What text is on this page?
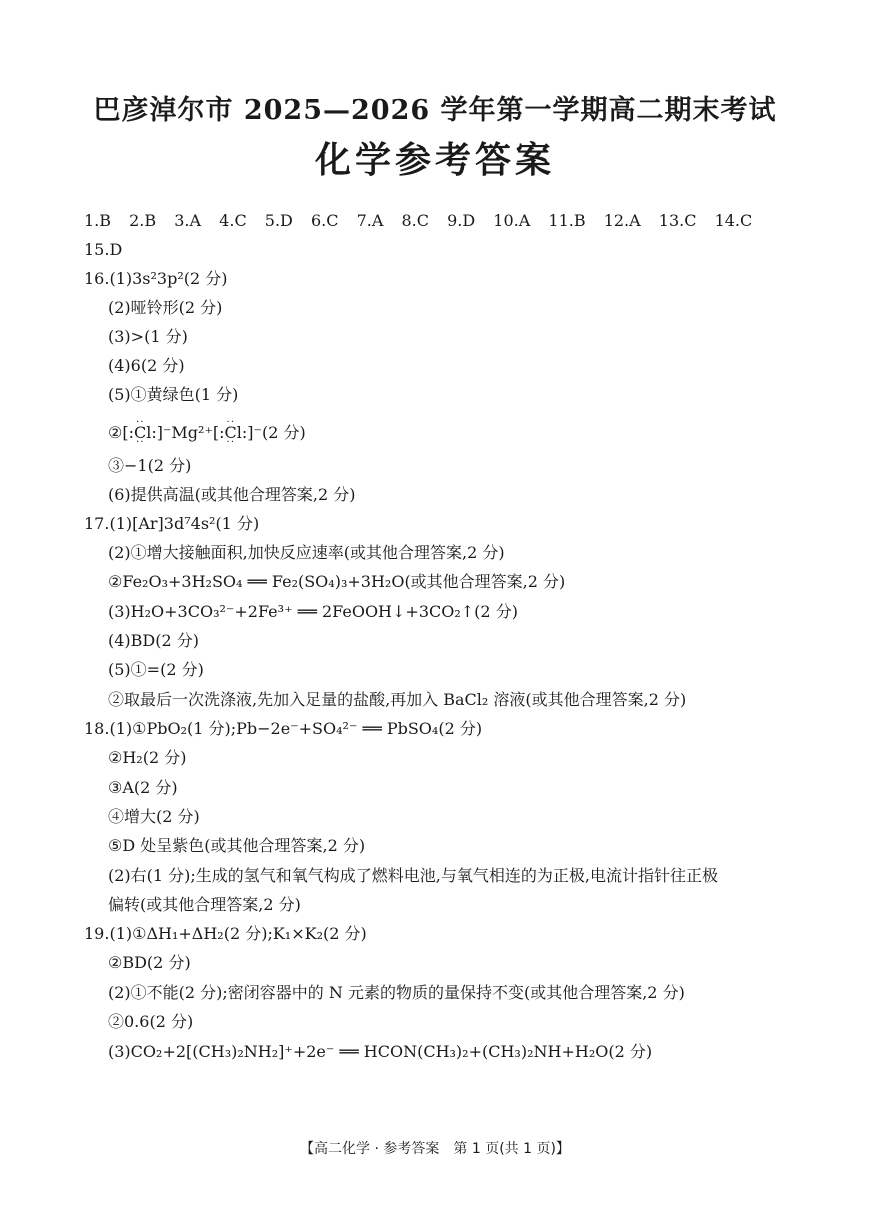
巴彦淖尔市 2025—2026 学年第一学期高二期末考试
化学参考答案
1.B 2.B 3.A 4.C 5.D 6.C 7.A 8.C 9.D 10.A 11.B 12.A 13.C 14.C
15.D
16.(1)3s²3p²(2 分)
(2)哑铃形(2 分)
(3)>(1 分)
(4)6(2 分)
(5)①黄绿色(1 分)
②[:· · Cl · ·:]⁻Mg²⁺[:· · Cl · ·:]⁻(2 分)
③−1(2 分)
(6)提供高温(或其他合理答案,2 分)
17.(1)[Ar]3d⁷4s²(1 分)
(2)①增大接触面积,加快反应速率(或其他合理答案,2 分)
②Fe₂O₃+3H₂SO₄ ══ Fe₂(SO₄)₃+3H₂O(或其他合理答案,2 分)
(3)H₂O+3CO₃²⁻+2Fe³⁺ ══ 2FeOOH↓+3CO₂↑(2 分)
(4)BD(2 分)
(5)①=(2 分)
②取最后一次洗涤液,先加入足量的盐酸,再加入 BaCl₂ 溶液(或其他合理答案,2 分)
18.(1)①PbO₂(1 分);Pb−2e⁻+SO₄²⁻ ══ PbSO₄(2 分)
②H₂(2 分)
③A(2 分)
④增大(2 分)
⑤D 处呈紫色(或其他合理答案,2 分)
(2)右(1 分);生成的氢气和氧气构成了燃料电池,与氧气相连的为正极,电流计指针往正极
偏转(或其他合理答案,2 分)
19.(1)①ΔH₁+ΔH₂(2 分);K₁×K₂(2 分)
②BD(2 分)
(2)①不能(2 分);密闭容器中的 N 元素的物质的量保持不变(或其他合理答案,2 分)
②0.6(2 分)
(3)CO₂+2[(CH₃)₂NH₂]⁺+2e⁻ ══ HCON(CH₃)₂+(CH₃)₂NH+H₂O(2 分)
【高二化学 · 参考答案　第 1 页(共 1 页)】
